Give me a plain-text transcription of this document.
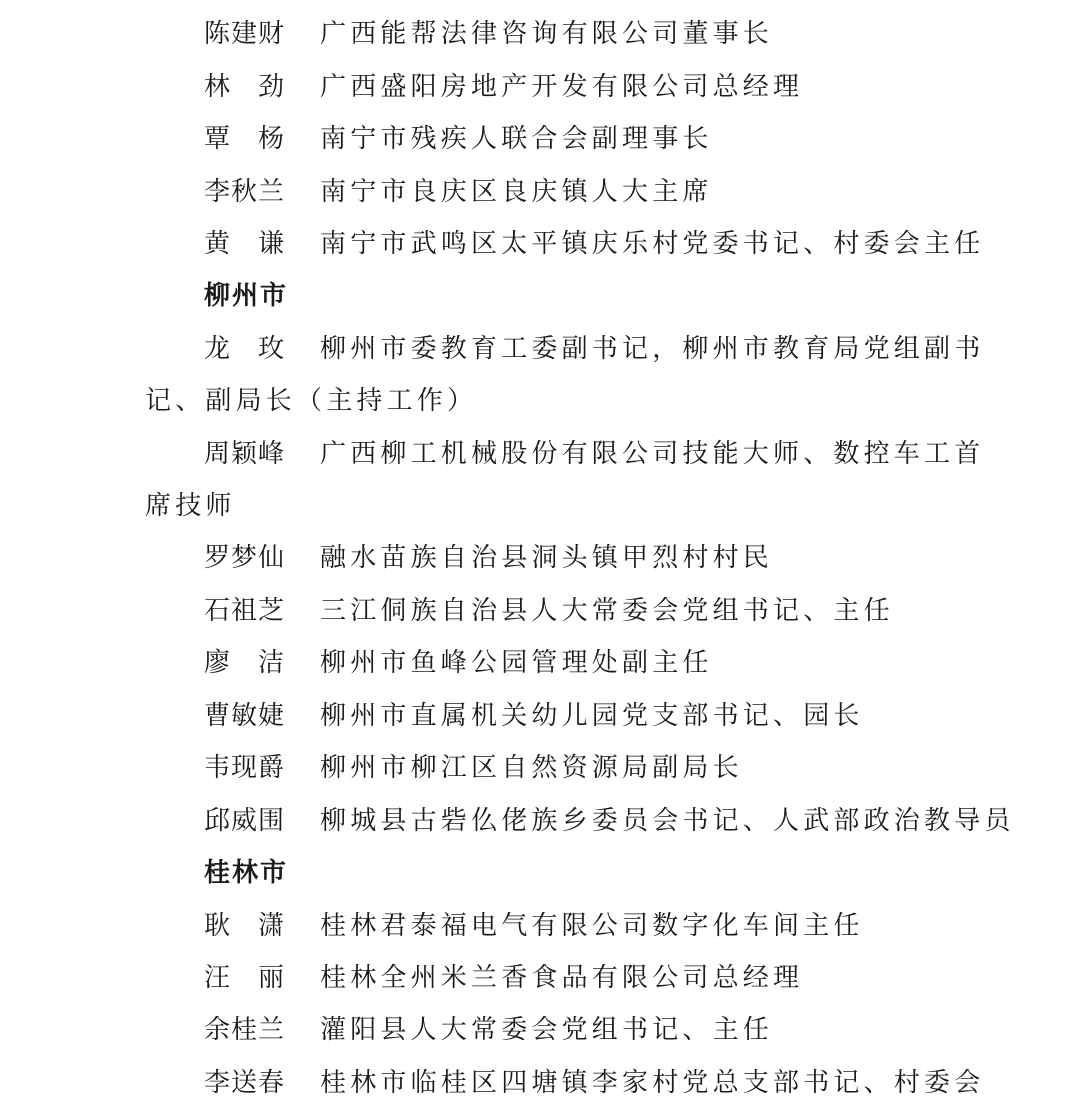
陈建财	广西能帮法律咨询有限公司董事长
林　劲	广西盛阳房地产开发有限公司总经理
覃　杨	南宁市残疾人联合会副理事长
李秋兰	南宁市良庆区良庆镇人大主席
黄　谦	南宁市武鸣区太平镇庆乐村党委书记、村委会主任
柳州市
龙　玫	柳州市委教育工委副书记，柳州市教育局党组副书
记、副局长（主持工作）
周颖峰	广西柳工机械股份有限公司技能大师、数控车工首
席技师
罗梦仙	融水苗族自治县洞头镇甲烈村村民
石祖芝	三江侗族自治县人大常委会党组书记、主任
廖　洁	柳州市鱼峰公园管理处副主任
曹敏婕	柳州市直属机关幼儿园党支部书记、园长
韦现爵	柳州市柳江区自然资源局副局长
邱威围	柳城县古砦仫佬族乡委员会书记、人武部政治教导员
桂林市
耿　潇	桂林君泰福电气有限公司数字化车间主任
汪　丽	桂林全州米兰香食品有限公司总经理
余桂兰	灌阳县人大常委会党组书记、主任
李送春	桂林市临桂区四塘镇李家村党总支部书记、村委会
